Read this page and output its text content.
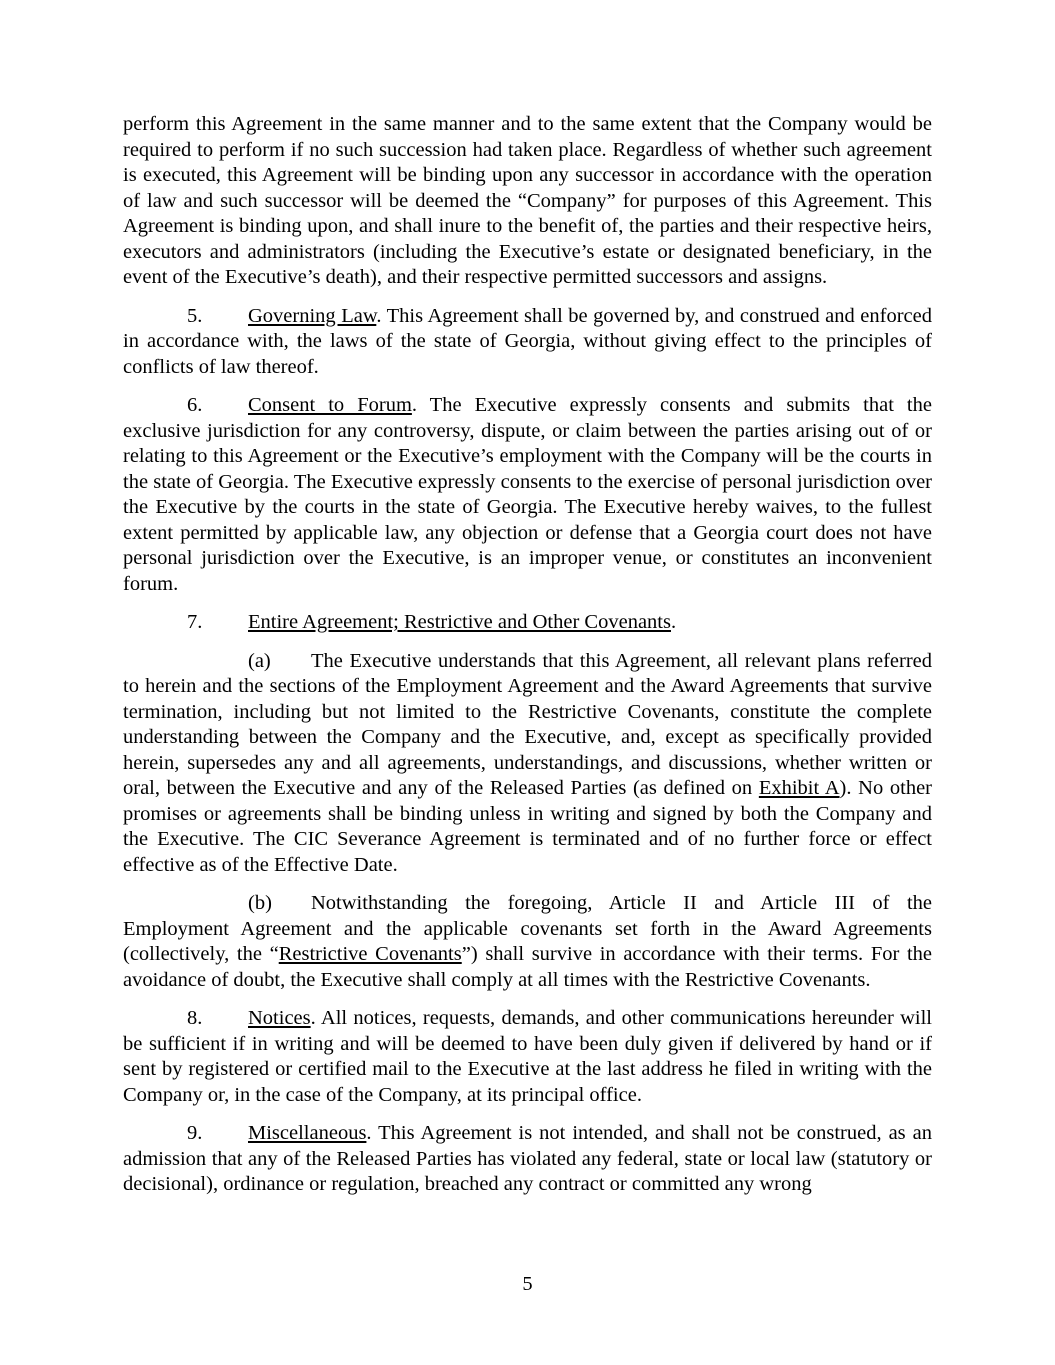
perform this Agreement in the same manner and to the same extent that the Company would be required to perform if no such succession had taken place. Regardless of whether such agreement is executed, this Agreement will be binding upon any successor in accordance with the operation of law and such successor will be deemed the “Company” for purposes of this Agreement. This Agreement is binding upon, and shall inure to the benefit of, the parties and their respective heirs, executors and administrators (including the Executive’s estate or designated beneficiary, in the event of the Executive’s death), and their respective permitted successors and assigns.

5. Governing Law. This Agreement shall be governed by, and construed and enforced in accordance with, the laws of the state of Georgia, without giving effect to the principles of conflicts of law thereof.

6. Consent to Forum. The Executive expressly consents and submits that the exclusive jurisdiction for any controversy, dispute, or claim between the parties arising out of or relating to this Agreement or the Executive’s employment with the Company will be the courts in the state of Georgia. The Executive expressly consents to the exercise of personal jurisdiction over the Executive by the courts in the state of Georgia. The Executive hereby waives, to the fullest extent permitted by applicable law, any objection or defense that a Georgia court does not have personal jurisdiction over the Executive, is an improper venue, or constitutes an inconvenient forum.

7. Entire Agreement; Restrictive and Other Covenants.

(a) The Executive understands that this Agreement, all relevant plans referred to herein and the sections of the Employment Agreement and the Award Agreements that survive termination, including but not limited to the Restrictive Covenants, constitute the complete understanding between the Company and the Executive, and, except as specifically provided herein, supersedes any and all agreements, understandings, and discussions, whether written or oral, between the Executive and any of the Released Parties (as defined on Exhibit A). No other promises or agreements shall be binding unless in writing and signed by both the Company and the Executive. The CIC Severance Agreement is terminated and of no further force or effect effective as of the Effective Date.

(b) Notwithstanding the foregoing, Article II and Article III of the Employment Agreement and the applicable covenants set forth in the Award Agreements (collectively, the “Restrictive Covenants”) shall survive in accordance with their terms. For the avoidance of doubt, the Executive shall comply at all times with the Restrictive Covenants.

8. Notices. All notices, requests, demands, and other communications hereunder will be sufficient if in writing and will be deemed to have been duly given if delivered by hand or if sent by registered or certified mail to the Executive at the last address he filed in writing with the Company or, in the case of the Company, at its principal office.

9. Miscellaneous. This Agreement is not intended, and shall not be construed, as an admission that any of the Released Parties has violated any federal, state or local law (statutory or decisional), ordinance or regulation, breached any contract or committed any wrong

5
